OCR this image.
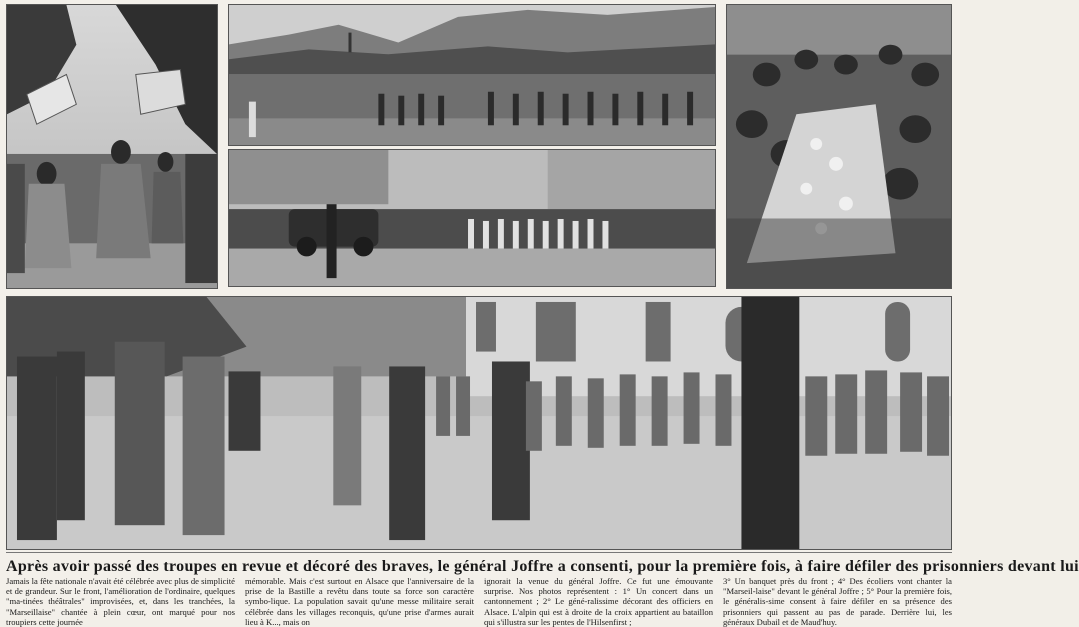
Après avoir passé des troupes en revue et décoré des braves, le général Joffre a consenti, pour la première fois, à faire défiler des prisonniers devant lui
Jamais la fête nationale n'avait été célébrée avec plus de simplicité et de grandeur. Sur le front, l'amélioration de l'ordinaire, quelques "ma-tinées théâtrales" improvisées, et, dans les tranchées, la "Marseillaise" chantée à plein cœur, ont marqué pour nos troupiers cette journée
mémorable. Mais c'est surtout en Alsace que l'anniversaire de la prise de la Bastille a revêtu dans toute sa force son caractère symbo-lique. La population savait qu'une messe militaire serait célébrée dans les villages reconquis, qu'une prise d'armes aurait lieu à K..., mais on
ignorait la venue du général Joffre. Ce fut une émouvante surprise. Nos photos représentent : 1° Un concert dans un cantonnement ; 2° Le géné-ralissime décorant des officiers en Alsace. L'alpin qui est à droite de la croix appartient au bataillon qui s'illustra sur les pentes de l'Hilsenfirst ;
3° Un banquet près du front ; 4° Des écoliers vont chanter la "Marseil-laise" devant le général Joffre ; 5° Pour la première fois, le généralis-sime consent à faire défiler en sa présence des prisonniers qui passent au pas de parade. Derrière lui, les généraux Dubail et de Maud'huy.
